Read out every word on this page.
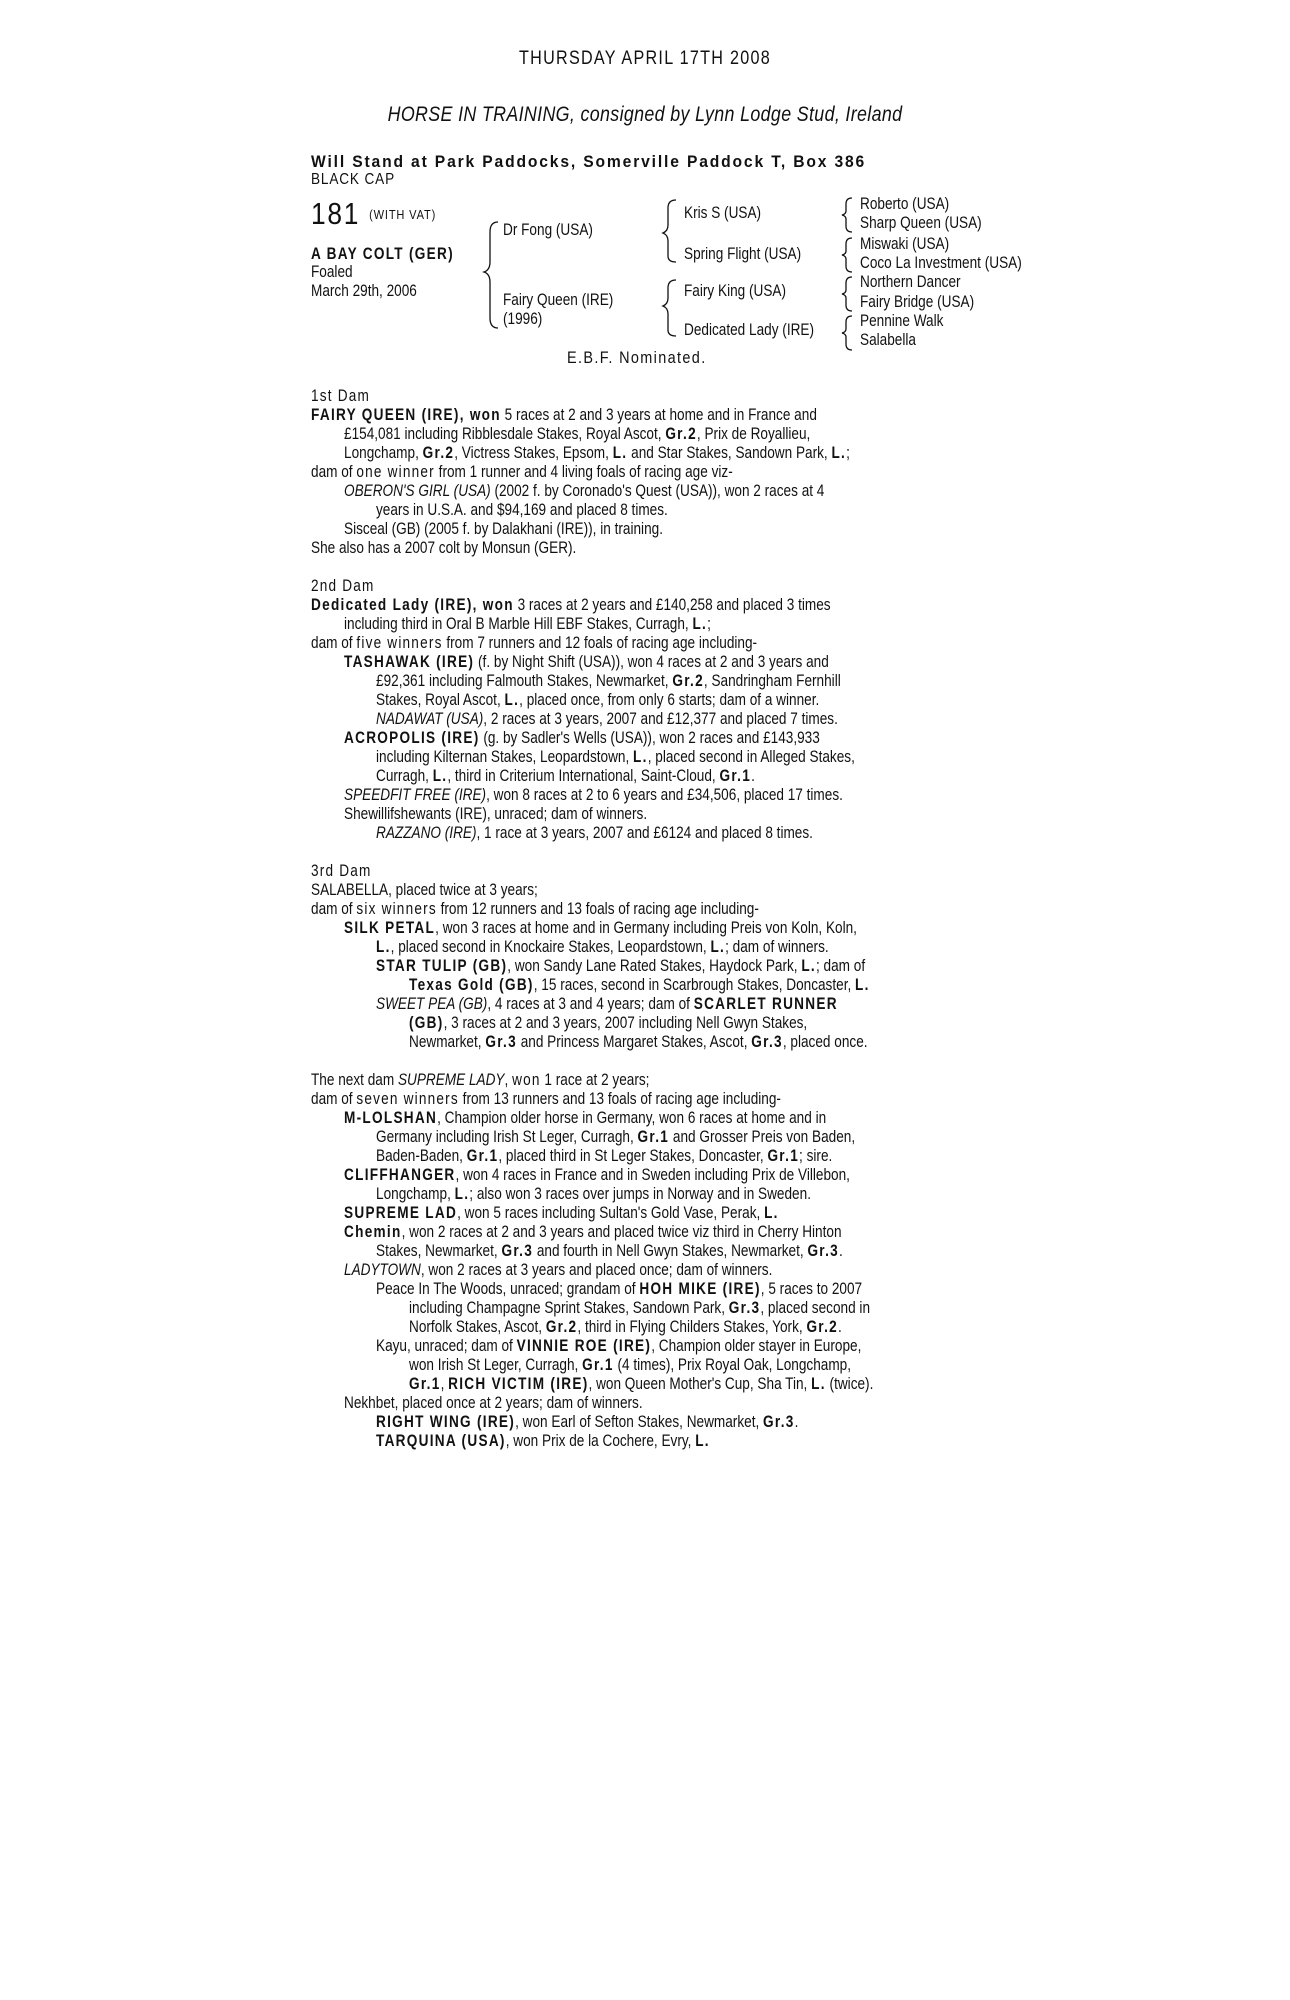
THURSDAY APRIL 17TH 2008
HORSE IN TRAINING, consigned by Lynn Lodge Stud, Ireland
Will Stand at Park Paddocks, Somerville Paddock T, Box 386
BLACK CAP
181 (WITH VAT)
A BAY COLT (GER)
Foaled
March 29th, 2006
Dr Fong (USA)
Fairy Queen (IRE)
(1996)
Kris S (USA)
Spring Flight (USA)
Fairy King (USA)
Dedicated Lady (IRE)
Roberto (USA)
Sharp Queen (USA)
Miswaki (USA)
Coco La Investment (USA)
Northern Dancer
Fairy Bridge (USA)
Pennine Walk
Salabella
E.B.F. Nominated.
1st Dam
FAIRY QUEEN (IRE), won 5 races at 2 and 3 years at home and in France and
£154,081 including Ribblesdale Stakes, Royal Ascot, Gr.2, Prix de Royallieu,
Longchamp, Gr.2, Victress Stakes, Epsom, L. and Star Stakes, Sandown Park, L.;
dam of one winner from 1 runner and 4 living foals of racing age viz-
OBERON'S GIRL (USA) (2002 f. by Coronado's Quest (USA)), won 2 races at 4
years in U.S.A. and $94,169 and placed 8 times.
Sisceal (GB) (2005 f. by Dalakhani (IRE)), in training.
She also has a 2007 colt by Monsun (GER).
2nd Dam
Dedicated Lady (IRE), won 3 races at 2 years and £140,258 and placed 3 times
including third in Oral B Marble Hill EBF Stakes, Curragh, L.;
dam of five winners from 7 runners and 12 foals of racing age including-
TASHAWAK (IRE) (f. by Night Shift (USA)), won 4 races at 2 and 3 years and
£92,361 including Falmouth Stakes, Newmarket, Gr.2, Sandringham Fernhill
Stakes, Royal Ascot, L., placed once, from only 6 starts; dam of a winner.
NADAWAT (USA), 2 races at 3 years, 2007 and £12,377 and placed 7 times.
ACROPOLIS (IRE) (g. by Sadler's Wells (USA)), won 2 races and £143,933
including Kilternan Stakes, Leopardstown, L., placed second in Alleged Stakes,
Curragh, L., third in Criterium International, Saint-Cloud, Gr.1.
SPEEDFIT FREE (IRE), won 8 races at 2 to 6 years and £34,506, placed 17 times.
Shewillifshewants (IRE), unraced; dam of winners.
RAZZANO (IRE), 1 race at 3 years, 2007 and £6124 and placed 8 times.
3rd Dam
SALABELLA, placed twice at 3 years;
dam of six winners from 12 runners and 13 foals of racing age including-
SILK PETAL, won 3 races at home and in Germany including Preis von Koln, Koln,
L., placed second in Knockaire Stakes, Leopardstown, L.; dam of winners.
STAR TULIP (GB), won Sandy Lane Rated Stakes, Haydock Park, L.; dam of
Texas Gold (GB), 15 races, second in Scarbrough Stakes, Doncaster, L.
SWEET PEA (GB), 4 races at 3 and 4 years; dam of SCARLET RUNNER
(GB), 3 races at 2 and 3 years, 2007 including Nell Gwyn Stakes,
Newmarket, Gr.3 and Princess Margaret Stakes, Ascot, Gr.3, placed once.
The next dam SUPREME LADY, won 1 race at 2 years;
dam of seven winners from 13 runners and 13 foals of racing age including-
M-LOLSHAN, Champion older horse in Germany, won 6 races at home and in
Germany including Irish St Leger, Curragh, Gr.1 and Grosser Preis von Baden,
Baden-Baden, Gr.1, placed third in St Leger Stakes, Doncaster, Gr.1; sire.
CLIFFHANGER, won 4 races in France and in Sweden including Prix de Villebon,
Longchamp, L.; also won 3 races over jumps in Norway and in Sweden.
SUPREME LAD, won 5 races including Sultan's Gold Vase, Perak, L.
Chemin, won 2 races at 2 and 3 years and placed twice viz third in Cherry Hinton
Stakes, Newmarket, Gr.3 and fourth in Nell Gwyn Stakes, Newmarket, Gr.3.
LADYTOWN, won 2 races at 3 years and placed once; dam of winners.
Peace In The Woods, unraced; grandam of HOH MIKE (IRE), 5 races to 2007
including Champagne Sprint Stakes, Sandown Park, Gr.3, placed second in
Norfolk Stakes, Ascot, Gr.2, third in Flying Childers Stakes, York, Gr.2.
Kayu, unraced; dam of VINNIE ROE (IRE), Champion older stayer in Europe,
won Irish St Leger, Curragh, Gr.1 (4 times), Prix Royal Oak, Longchamp,
Gr.1, RICH VICTIM (IRE), won Queen Mother's Cup, Sha Tin, L. (twice).
Nekhbet, placed once at 2 years; dam of winners.
RIGHT WING (IRE), won Earl of Sefton Stakes, Newmarket, Gr.3.
TARQUINA (USA), won Prix de la Cochere, Evry, L.
